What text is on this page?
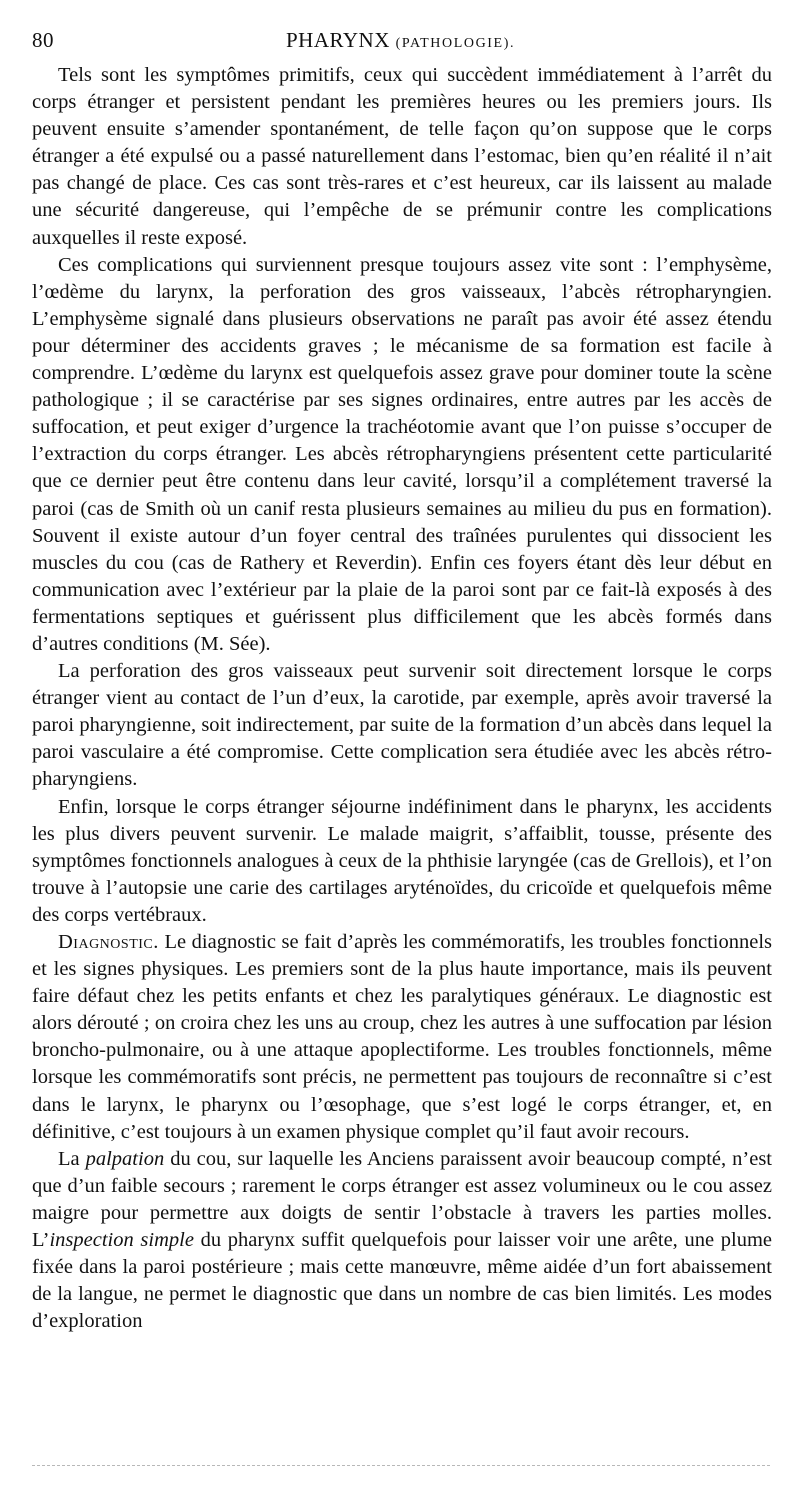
80	PHARYNX (PATHOLOGIE).

Tels sont les symptômes primitifs, ceux qui succèdent immédiatement à l’arrêt du corps étranger et persistent pendant les premières heures ou les premiers jours. Ils peuvent ensuite s’amender spontanément, de telle façon qu’on suppose que le corps étranger a été expulsé ou a passé naturellement dans l’estomac, bien qu’en réalité il n’ait pas changé de place. Ces cas sont très-rares et c’est heureux, car ils laissent au malade une sécurité dangereuse, qui l’empêche de se prémunir contre les complications auxquelles il reste exposé.

Ces complications qui surviennent presque toujours assez vite sont : l’emphysème, l’œdème du larynx, la perforation des gros vaisseaux, l’abcès rétropharyngien. L’emphysème signalé dans plusieurs observations ne paraît pas avoir été assez étendu pour déterminer des accidents graves ; le mécanisme de sa formation est facile à comprendre. L’œdème du larynx est quelquefois assez grave pour dominer toute la scène pathologique ; il se caractérise par ses signes ordinaires, entre autres par les accès de suffocation, et peut exiger d’urgence la trachéotomie avant que l’on puisse s’occuper de l’extraction du corps étranger. Les abcès rétropharyngiens présentent cette particularité que ce dernier peut être contenu dans leur cavité, lorsqu’il a complétement traversé la paroi (cas de Smith où un canif resta plusieurs semaines au milieu du pus en formation). Souvent il existe autour d’un foyer central des traînées purulentes qui dissocient les muscles du cou (cas de Rathery et Reverdin). Enfin ces foyers étant dès leur début en communication avec l’extérieur par la plaie de la paroi sont par ce fait-là exposés à des fermentations septiques et guérissent plus difficilement que les abcès formés dans d’autres conditions (M. Sée).

La perforation des gros vaisseaux peut survenir soit directement lorsque le corps étranger vient au contact de l’un d’eux, la carotide, par exemple, après avoir traversé la paroi pharyngienne, soit indirectement, par suite de la formation d’un abcès dans lequel la paroi vasculaire a été compromise. Cette complication sera étudiée avec les abcès rétro-pharyngiens.

Enfin, lorsque le corps étranger séjourne indéfiniment dans le pharynx, les accidents les plus divers peuvent survenir. Le malade maigrit, s’affaiblit, tousse, présente des symptômes fonctionnels analogues à ceux de la phthisie laryngée (cas de Grellois), et l’on trouve à l’autopsie une carie des cartilages aryténoïdes, du cricoïde et quelquefois même des corps vertébraux.

Diagnostic. Le diagnostic se fait d’après les commémoratifs, les troubles fonctionnels et les signes physiques. Les premiers sont de la plus haute importance, mais ils peuvent faire défaut chez les petits enfants et chez les paralytiques généraux. Le diagnostic est alors dérouté ; on croira chez les uns au croup, chez les autres à une suffocation par lésion broncho-pulmonaire, ou à une attaque apoplectiforme. Les troubles fonctionnels, même lorsque les commémoratifs sont précis, ne permettent pas toujours de reconnaître si c’est dans le larynx, le pharynx ou l’œsophage, que s’est logé le corps étranger, et, en définitive, c’est toujours à un examen physique complet qu’il faut avoir recours.

La palpation du cou, sur laquelle les Anciens paraissent avoir beaucoup compté, n’est que d’un faible secours ; rarement le corps étranger est assez volumineux ou le cou assez maigre pour permettre aux doigts de sentir l’obstacle à travers les parties molles. L’inspection simple du pharynx suffit quelquefois pour laisser voir une arête, une plume fixée dans la paroi postérieure ; mais cette manœuvre, même aidée d’un fort abaissement de la langue, ne permet le diagnostic que dans un nombre de cas bien limités. Les modes d’exploration
